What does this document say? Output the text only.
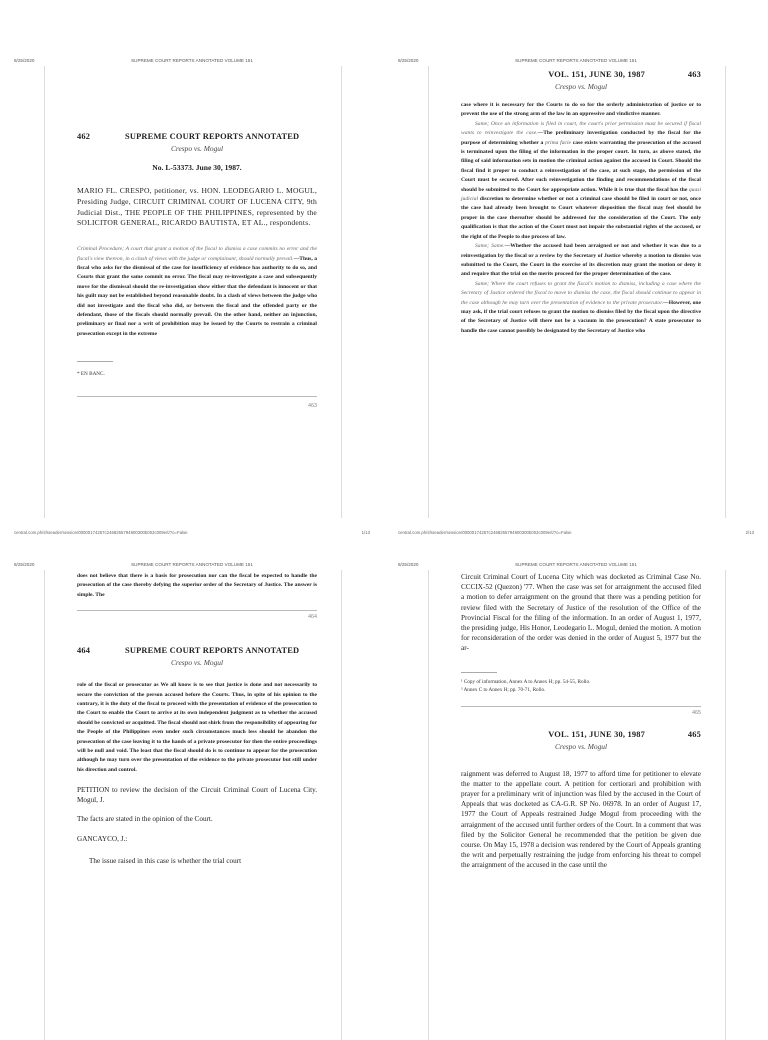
8/25/2020	SUPREME COURT REPORTS ANNOTATED VOLUME 151
462	SUPREME COURT REPORTS ANNOTATED
Crespo vs. Mogul
No. L-53373. June 30, 1987.
MARIO FL. CRESPO, petitioner, vs. HON. LEODEGARIO L. MOGUL, Presiding Judge, CIRCUIT CRIMINAL COURT OF LUCENA CITY, 9th Judicial Dist., THE PEOPLE OF THE PHILIPPINES, represented by the SOLICITOR GENERAL, RICARDO BAUTISTA, ET AL., respondents.
Criminal Procedure; A court that grant a motion of the fiscal to dismiss a case commits no error and the fiscal's view thereon, in a clash of views with the judge or complainant, should normally prevail.—Thus, a fiscal who asks for the dismissal of the case for insufficiency of evidence has authority to do so, and Courts that grant the same commit no error. The fiscal may re-investigate a case and subsequently move for the dismissal should the re-investigation show either that the defendant is innocent or that his guilt may not be established beyond reasonable doubt. In a clash of views between the judge who did not investigate and the fiscal who did, or between the fiscal and the offended party or the defendant, those of the fiscals should normally prevail. On the other hand, neither an injunction, preliminary or final nor a writ of prohibition may be issued by the Courts to restrain a criminal prosecution except in the extreme
* EN BANC.
463
central.com.ph/sfsreader/session/00000174257c2468255794900300b002c009e/t/?o=False	1/13
8/25/2020	SUPREME COURT REPORTS ANNOTATED VOLUME 151
VOL. 151, JUNE 30, 1987	463
Crespo vs. Mogul
case where it is necessary for the Courts to do so for the orderly administration of justice or to prevent the use of the strong arm of the law in an oppressive and vindictive manner.
Same; Once an information is filed in court, the court's prior permission must be secured if fiscal wants to reinvestigate the case.—The preliminary investigation conducted by the fiscal for the purpose of determining whether a prima facie case exists warranting the prosecution of the accused is terminated upon the filing of the information in the proper court. In turn, as above stated, the filing of said information sets in motion the criminal action against the accused in Court. Should the fiscal find it proper to conduct a reinvestigation of the case, at such stage, the permission of the Court must be secured. After such reinvestigation the finding and recommendations of the fiscal should be submitted to the Court for appropriate action. While it is true that the fiscal has the quasi judicial discretion to determine whether or not a criminal case should be filed in court or not, once the case had already been brought to Court whatever disposition the fiscal may feel should be proper in the case thereafter should be addressed for the consideration of the Court. The only qualification is that the action of the Court must not impair the substantial rights of the accused, or the right of the People to due process of law.
Same; Same.—Whether the accused had been arraigned or not and whether it was due to a reinvestigation by the fiscal or a review by the Secretary of Justice whereby a motion to dismiss was submitted to the Court, the Court in the exercise of its discretion may grant the motion or deny it and require that the trial on the merits proceed for the proper determination of the case.
Same; Where the court refuses to grant the fiscal's motion to dismiss, including a case where the Secretary of Justice ordered the fiscal to move to dismiss the case, the fiscal should continue to appear in the case although he may turn over the presentation of evidence to the private prosecutor.—However, one may ask, if the trial court refuses to grant the motion to dismiss filed by the fiscal upon the directive of the Secretary of Justice will there not be a vacuum in the prosecution? A state prosecutor to handle the case cannot possibly be designated by the Secretary of Justice who
central.com.ph/sfsreader/session/00000174257c2468255794900300b002c009e/t/?o=False	2/13
8/25/2020	SUPREME COURT REPORTS ANNOTATED VOLUME 151
does not believe that there is a basis for prosecution nor can the fiscal be expected to handle the prosecution of the case thereby defying the superior order of the Secretary of Justice. The answer is simple. The
464
464	SUPREME COURT REPORTS ANNOTATED
Crespo vs. Mogul
role of the fiscal or prosecutor as We all know is to see that justice is done and not necessarily to secure the conviction of the person accused before the Courts. Thus, in spite of his opinion to the contrary, it is the duty of the fiscal to proceed with the presentation of evidence of the prosecution to the Court to enable the Court to arrive at its own independent judgment as to whether the accused should be convicted or acquitted. The fiscal should not shirk from the responsibility of appearing for the People of the Philippines even under such circumstances much less should he abandon the prosecution of the case leaving it to the hands of a private prosecutor for then the entire proceedings will be null and void. The least that the fiscal should do is to continue to appear for the prosecution although he may turn over the presentation of the evidence to the private prosecutor but still under his direction and control.
PETITION to review the decision of the Circuit Criminal Court of Lucena City. Mogul, J.
The facts are stated in the opinion of the Court.
GANCAYCO, J.:
The issue raised in this case is whether the trial court
8/25/2020	SUPREME COURT REPORTS ANNOTATED VOLUME 151
Circuit Criminal Court of Lucena City which was docketed as Criminal Case No. CCCIX-52 (Quezon) '77. When the case was set for arraignment the accused filed a motion to defer arraignment on the ground that there was a pending petition for review filed with the Secretary of Justice of the resolution of the Office of the Provincial Fiscal for the filing of the information. In an order of August 1, 1977, the presiding judge, His Honor, Leodegario L. Mogul, denied the motion. A motion for reconsideration of the order was denied in the order of August 5, 1977 but the ar-
¹ Copy of information, Annex A to Annex H; pp. 54-55, Rollo.
² Annex C to Annex H; pp. 70-71, Rollo.
465
VOL. 151, JUNE 30, 1987	465
Crespo vs. Mogul
raignment was deferred to August 18, 1977 to afford time for petitioner to elevate the matter to the appellate court. A petition for certiorari and prohibition with prayer for a preliminary writ of injunction was filed by the accused in the Court of Appeals that was docketed as CA-G.R. SP No. 06978. In an order of August 17, 1977 the Court of Appeals restrained Judge Mogul from proceeding with the arraignment of the accused until further orders of the Court. In a comment that was filed by the Solicitor General he recommended that the petition be given due course. On May 15, 1978 a decision was rendered by the Court of Appeals granting the writ and perpetually restraining the judge from enforcing his threat to compel the arraignment of the accused in the case until the
